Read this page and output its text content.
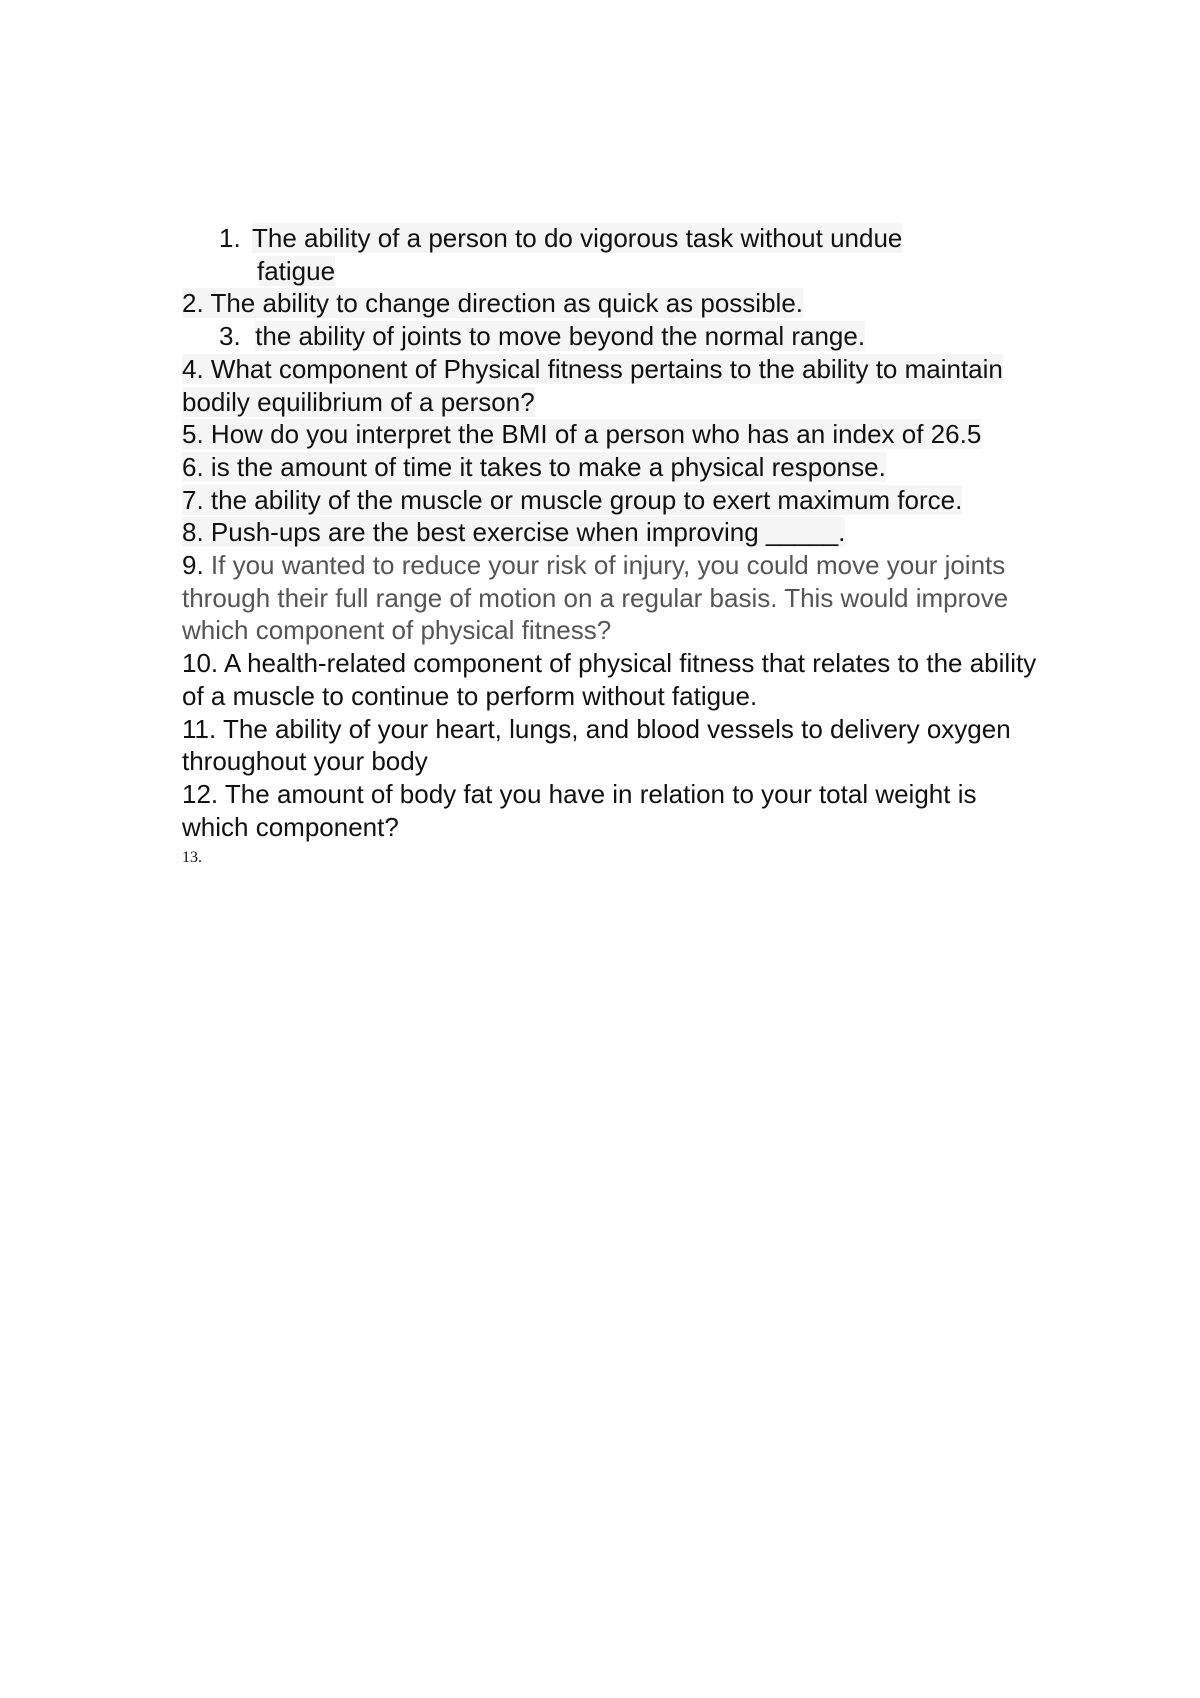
1. The ability of a person to do vigorous task without undue
fatigue

2. The ability to change direction as quick as possible.

3. the ability of joints to move beyond the normal range.

4. What component of Physical fitness pertains to the ability to maintain bodily equilibrium of a person?

5. How do you interpret the BMI of a person who has an index of 26.5

6. is the amount of time it takes to make a physical response.

7. the ability of the muscle or muscle group to exert maximum force.

8. Push-ups are the best exercise when improving _____.

9. If you wanted to reduce your risk of injury, you could move your joints through their full range of motion on a regular basis. This would improve which component of physical fitness?

10. A health-related component of physical fitness that relates to the ability of a muscle to continue to perform without fatigue.

11. The ability of your heart, lungs, and blood vessels to delivery oxygen throughout your body

12. The amount of body fat you have in relation to your total weight is which component?

13.
